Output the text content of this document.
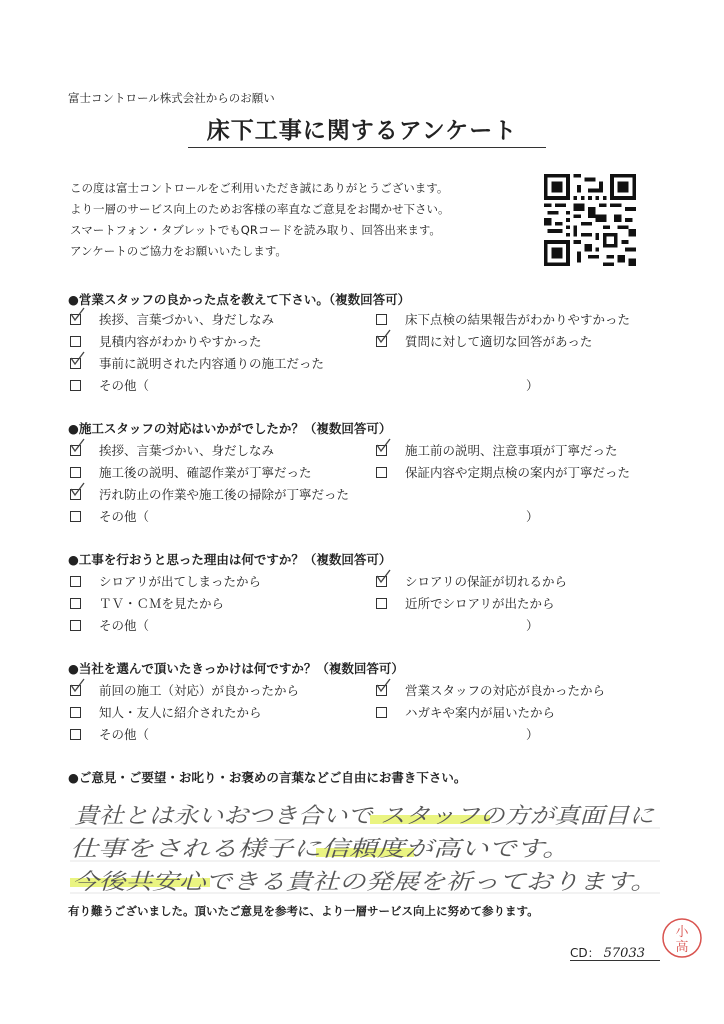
富士コントロール株式会社からのお願い
床下工事に関するアンケート
この度は富士コントロールをご利用いただき誠にありがとうございます。
より一層のサービス向上のためお客様の率直なご意見をお聞かせ下さい。
スマートフォン・タブレットでもQRコードを読み取り、回答出来ます。
アンケートのご協力をお願いいたします。
●営業スタッフの良かった点を教えて下さい。（複数回答可）
挨拶、言葉づかい、身だしなみ	床下点検の結果報告がわかりやすかった
見積内容がわかりやすかった	質問に対して適切な回答があった
事前に説明された内容通りの施工だった
その他（	）
●施工スタッフの対応はいかがでしたか？（複数回答可）
挨拶、言葉づかい、身だしなみ	施工前の説明、注意事項が丁寧だった
施工後の説明、確認作業が丁寧だった	保証内容や定期点検の案内が丁寧だった
汚れ防止の作業や施工後の掃除が丁寧だった
その他（	）
●工事を行おうと思った理由は何ですか？（複数回答可）
シロアリが出てしまったから	シロアリの保証が切れるから
ＴＶ・ＣＭを見たから	近所でシロアリが出たから
その他（	）
●当社を選んで頂いたきっかけは何ですか？（複数回答可）
前回の施工（対応）が良かったから	営業スタッフの対応が良かったから
知人・友人に紹介されたから	ハガキや案内が届いたから
その他（	）
●ご意見・ご要望・お叱り・お褒めの言葉などご自由にお書き下さい。
貴社とは永いおつき合いで スタッフの方が真面目に
仕事をされる様子に信頼度が高いです。
今後共安心できる貴社の発展を祈っております。
有り難うございました。頂いたご意見を参考に、より一層サービス向上に努めて参ります。
CD： 57033
小
高
